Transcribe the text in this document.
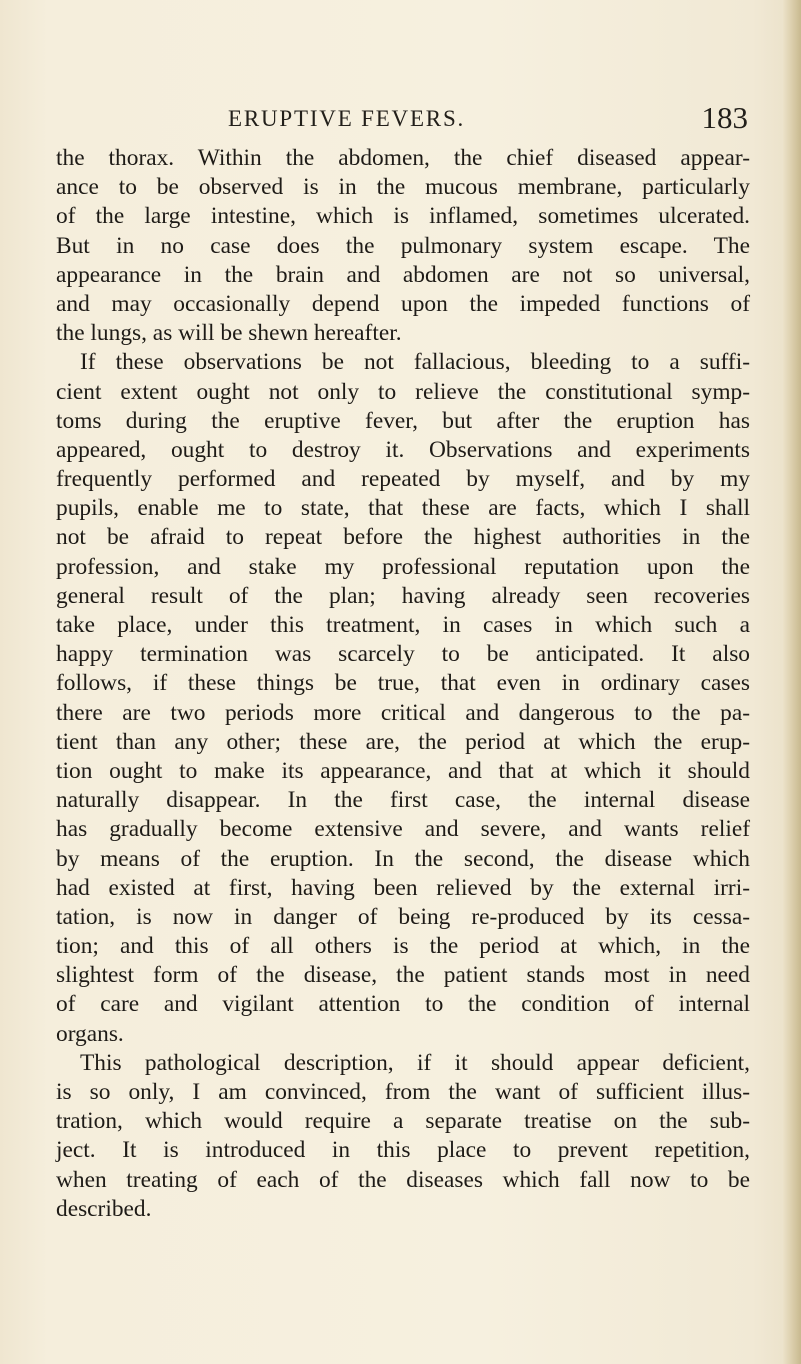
ERUPTIVE FEVERS.	183
the thorax. Within the abdomen, the chief diseased appear-
ance to be observed is in the mucous membrane, particularly
of the large intestine, which is inflamed, sometimes ulcerated.
But in no case does the pulmonary system escape. The
appearance in the brain and abdomen are not so universal,
and may occasionally depend upon the impeded functions of
the lungs, as will be shewn hereafter.
If these observations be not fallacious, bleeding to a suffi-
cient extent ought not only to relieve the constitutional symp-
toms during the eruptive fever, but after the eruption has
appeared, ought to destroy it. Observations and experiments
frequently performed and repeated by myself, and by my
pupils, enable me to state, that these are facts, which I shall
not be afraid to repeat before the highest authorities in the
profession, and stake my professional reputation upon the
general result of the plan; having already seen recoveries
take place, under this treatment, in cases in which such a
happy termination was scarcely to be anticipated. It also
follows, if these things be true, that even in ordinary cases
there are two periods more critical and dangerous to the pa-
tient than any other; these are, the period at which the erup-
tion ought to make its appearance, and that at which it should
naturally disappear. In the first case, the internal disease
has gradually become extensive and severe, and wants relief
by means of the eruption. In the second, the disease which
had existed at first, having been relieved by the external irri-
tation, is now in danger of being re-produced by its cessa-
tion; and this of all others is the period at which, in the
slightest form of the disease, the patient stands most in need
of care and vigilant attention to the condition of internal
organs.
This pathological description, if it should appear deficient,
is so only, I am convinced, from the want of sufficient illus-
tration, which would require a separate treatise on the sub-
ject. It is introduced in this place to prevent repetition,
when treating of each of the diseases which fall now to be
described.
